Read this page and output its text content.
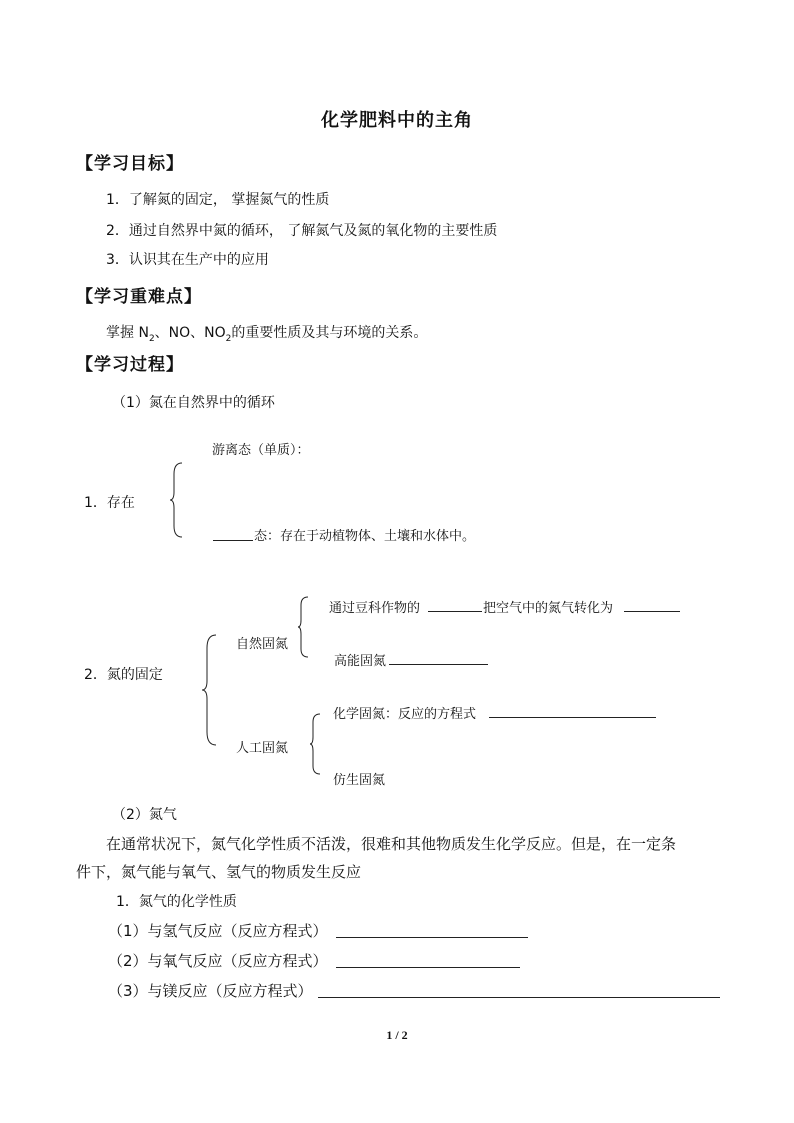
化学肥料中的主角
【学习目标】
1．了解氮的固定， 掌握氮气的性质
2．通过自然界中氮的循环， 了解氮气及氮的氧化物的主要性质
3．认识其在生产中的应用
【学习重难点】
掌握 $N_2$、NO、$NO_2$的重要性质及其与环境的关系。
【学习过程】
（1）氮在自然界中的循环
1．存在
游离态（单质）：
态：存在于动植物体、土壤和水体中。
2．氮的固定
自然固氮
通过豆科作物的	把空气中的氮气转化为
高能固氮
人工固氮
化学固氮：反应的方程式
仿生固氮
（2）氮气
在通常状况下，氮气化学性质不活泼，很难和其他物质发生化学反应。但是，在一定条
件下，氮气能与氧气、氢气的物质发生反应
1．氮气的化学性质
（1）与氢气反应（反应方程式）
（2）与氧气反应（反应方程式）
（3）与镁反应（反应方程式）
1 / 2
